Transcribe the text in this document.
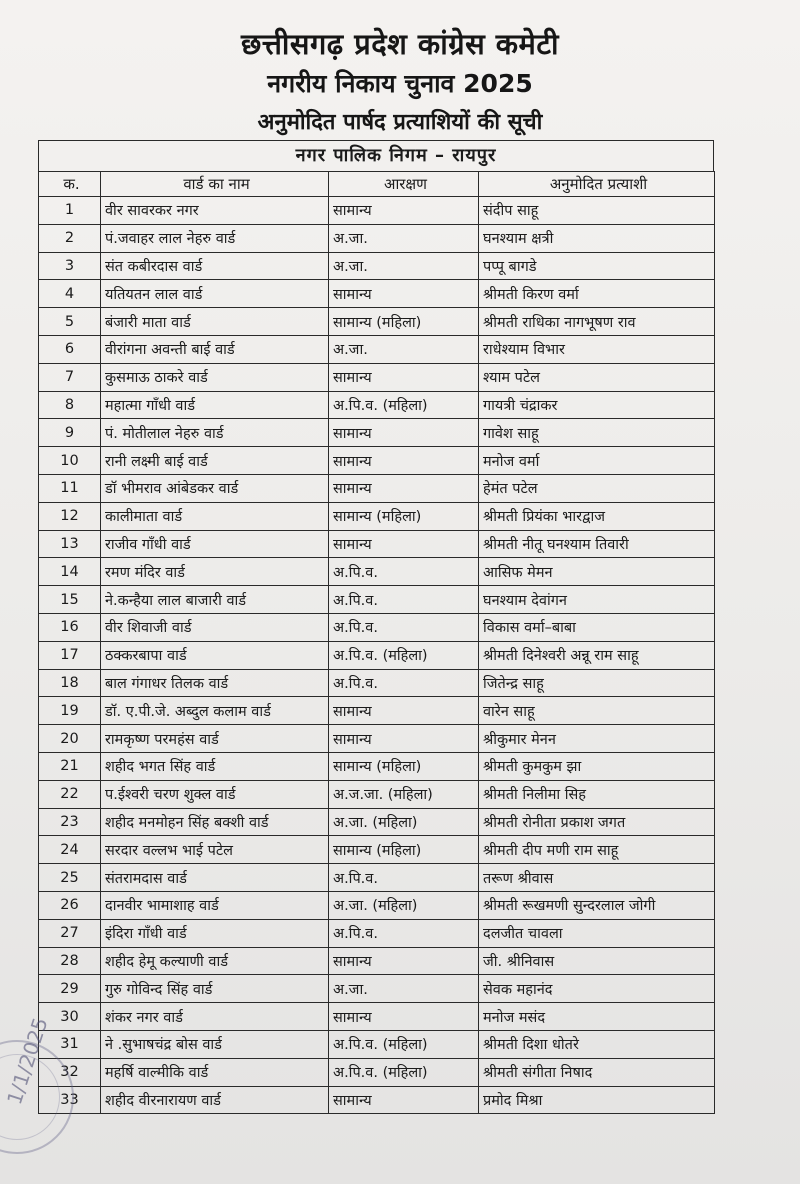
छत्तीसगढ़ प्रदेश कांग्रेस कमेटी
नगरीय निकाय चुनाव 2025
अनुमोदित पार्षद प्रत्याशियों की सूची
नगर पालिक निगम – रायपुर
क.	वार्ड का नाम	आरक्षण	अनुमोदित प्रत्याशी
1	वीर सावरकर नगर	सामान्य	संदीप साहू
2	पं.जवाहर लाल नेहरु वार्ड	अ.जा.	घनश्याम क्षत्री
3	संत कबीरदास वार्ड	अ.जा.	पप्पू बागडे
4	यतियतन लाल वार्ड	सामान्य	श्रीमती किरण वर्मा
5	बंजारी माता वार्ड	सामान्य (महिला)	श्रीमती राधिका नागभूषण राव
6	वीरांगना अवन्ती बाई वार्ड	अ.जा.	राधेश्याम विभार
7	कुसमाऊ ठाकरे वार्ड	सामान्य	श्याम पटेल
8	महात्मा गाँधी वार्ड	अ.पि.व. (महिला)	गायत्री चंद्राकर
9	पं. मोतीलाल नेहरु वार्ड	सामान्य	गावेश साहू
10	रानी लक्ष्मी बाई वार्ड	सामान्य	मनोज वर्मा
11	डॉ भीमराव आंबेडकर वार्ड	सामान्य	हेमंत पटेल
12	कालीमाता वार्ड	सामान्य (महिला)	श्रीमती प्रियंका भारद्वाज
13	राजीव गाँधी वार्ड	सामान्य	श्रीमती नीतू घनश्याम तिवारी
14	रमण मंदिर वार्ड	अ.पि.व.	आसिफ मेमन
15	ने.कन्हैया लाल बाजारी वार्ड	अ.पि.व.	घनश्याम देवांगन
16	वीर शिवाजी वार्ड	अ.पि.व.	विकास वर्मा–बाबा
17	ठक्करबापा वार्ड	अ.पि.व. (महिला)	श्रीमती दिनेश्वरी अन्नू राम साहू
18	बाल गंगाधर तिलक वार्ड	अ.पि.व.	जितेन्द्र साहू
19	डॉ. ए.पी.जे. अब्दुल कलाम वार्ड	सामान्य	वारेन साहू
20	रामकृष्ण परमहंस वार्ड	सामान्य	श्रीकुमार मेनन
21	शहीद भगत सिंह वार्ड	सामान्य (महिला)	श्रीमती कुमकुम झा
22	प.ईश्वरी चरण शुक्ल वार्ड	अ.ज.जा. (महिला)	श्रीमती निलीमा सिह
23	शहीद मनमोहन सिंह बक्शी वार्ड	अ.जा. (महिला)	श्रीमती रोनीता प्रकाश जगत
24	सरदार वल्लभ भाई पटेल	सामान्य (महिला)	श्रीमती दीप मणी राम साहू
25	संतरामदास वार्ड	अ.पि.व.	तरूण श्रीवास
26	दानवीर भामाशाह वार्ड	अ.जा. (महिला)	श्रीमती रूखमणी सुन्दरलाल जोगी
27	इंदिरा गाँधी वार्ड	अ.पि.व.	दलजीत चावला
28	शहीद हेमू कल्याणी वार्ड	सामान्य	जी. श्रीनिवास
29	गुरु गोविन्द सिंह वार्ड	अ.जा.	सेवक महानंद
30	शंकर नगर वार्ड	सामान्य	मनोज मसंद
31	ने .सुभाषचंद्र बोस वार्ड	अ.पि.व. (महिला)	श्रीमती दिशा धोतरे
32	महर्षि वाल्मीकि वार्ड	अ.पि.व. (महिला)	श्रीमती संगीता निषाद
33	शहीद वीरनारायण वार्ड	सामान्य	प्रमोद मिश्रा
1/1/2025
